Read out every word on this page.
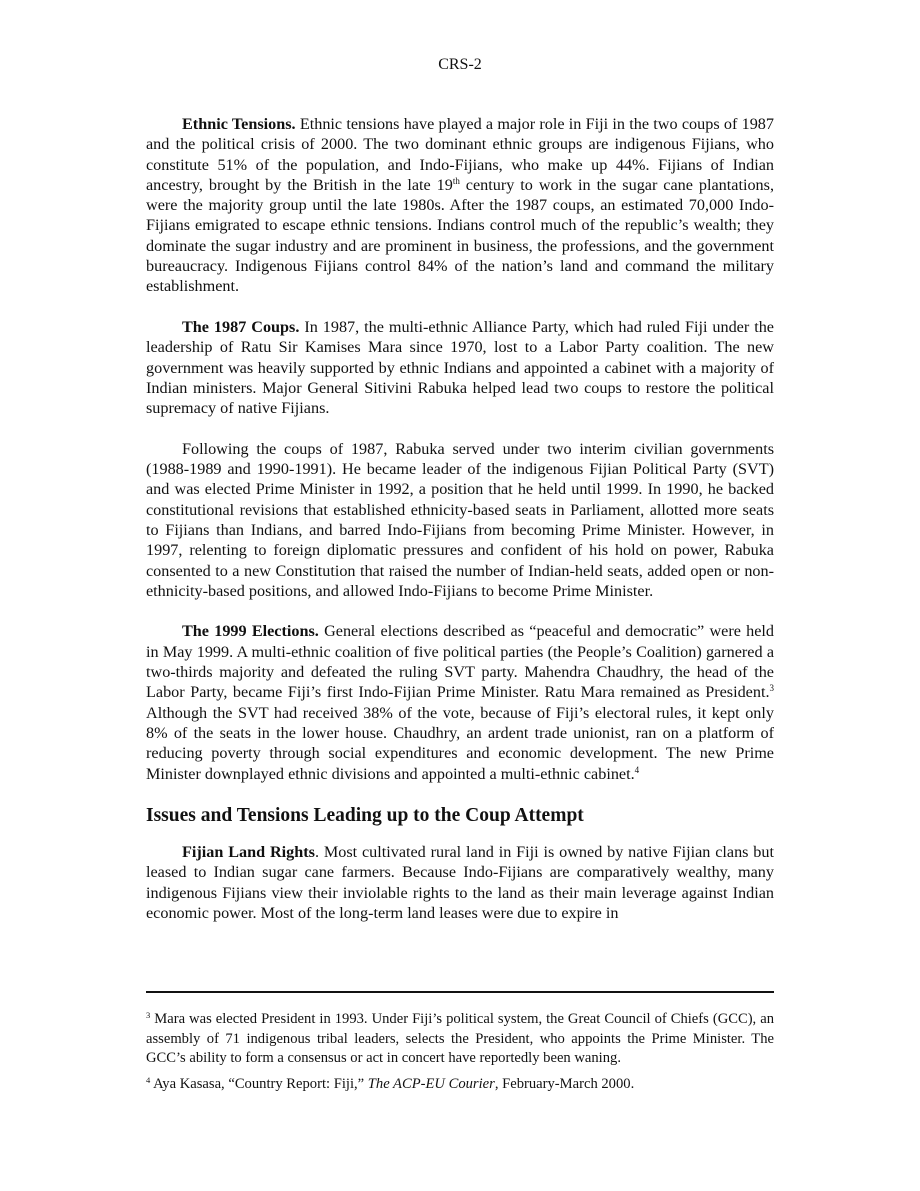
CRS-2

Ethnic Tensions. Ethnic tensions have played a major role in Fiji in the two coups of 1987 and the political crisis of 2000. The two dominant ethnic groups are indigenous Fijians, who constitute 51% of the population, and Indo-Fijians, who make up 44%. Fijians of Indian ancestry, brought by the British in the late 19th century to work in the sugar cane plantations, were the majority group until the late 1980s. After the 1987 coups, an estimated 70,000 Indo-Fijians emigrated to escape ethnic tensions. Indians control much of the republic’s wealth; they dominate the sugar industry and are prominent in business, the professions, and the government bureaucracy. Indigenous Fijians control 84% of the nation’s land and command the military establishment.

The 1987 Coups. In 1987, the multi-ethnic Alliance Party, which had ruled Fiji under the leadership of Ratu Sir Kamises Mara since 1970, lost to a Labor Party coalition. The new government was heavily supported by ethnic Indians and appointed a cabinet with a majority of Indian ministers. Major General Sitivini Rabuka helped lead two coups to restore the political supremacy of native Fijians.

Following the coups of 1987, Rabuka served under two interim civilian governments (1988-1989 and 1990-1991). He became leader of the indigenous Fijian Political Party (SVT) and was elected Prime Minister in 1992, a position that he held until 1999. In 1990, he backed constitutional revisions that established ethnicity-based seats in Parliament, allotted more seats to Fijians than Indians, and barred Indo-Fijians from becoming Prime Minister. However, in 1997, relenting to foreign diplomatic pressures and confident of his hold on power, Rabuka consented to a new Constitution that raised the number of Indian-held seats, added open or non-ethnicity-based positions, and allowed Indo-Fijians to become Prime Minister.

The 1999 Elections. General elections described as “peaceful and democratic” were held in May 1999. A multi-ethnic coalition of five political parties (the People’s Coalition) garnered a two-thirds majority and defeated the ruling SVT party. Mahendra Chaudhry, the head of the Labor Party, became Fiji’s first Indo-Fijian Prime Minister. Ratu Mara remained as President.$^3$ Although the SVT had received 38% of the vote, because of Fiji’s electoral rules, it kept only 8% of the seats in the lower house. Chaudhry, an ardent trade unionist, ran on a platform of reducing poverty through social expenditures and economic development. The new Prime Minister downplayed ethnic divisions and appointed a multi-ethnic cabinet.$^4$

Issues and Tensions Leading up to the Coup Attempt

Fijian Land Rights. Most cultivated rural land in Fiji is owned by native Fijian clans but leased to Indian sugar cane farmers. Because Indo-Fijians are comparatively wealthy, many indigenous Fijians view their inviolable rights to the land as their main leverage against Indian economic power. Most of the long-term land leases were due to expire in

$^3$ Mara was elected President in 1993. Under Fiji’s political system, the Great Council of Chiefs (GCC), an assembly of 71 indigenous tribal leaders, selects the President, who appoints the Prime Minister. The GCC’s ability to form a consensus or act in concert have reportedly been waning.

$^4$ Aya Kasasa, “Country Report: Fiji,” The ACP-EU Courier, February-March 2000.
